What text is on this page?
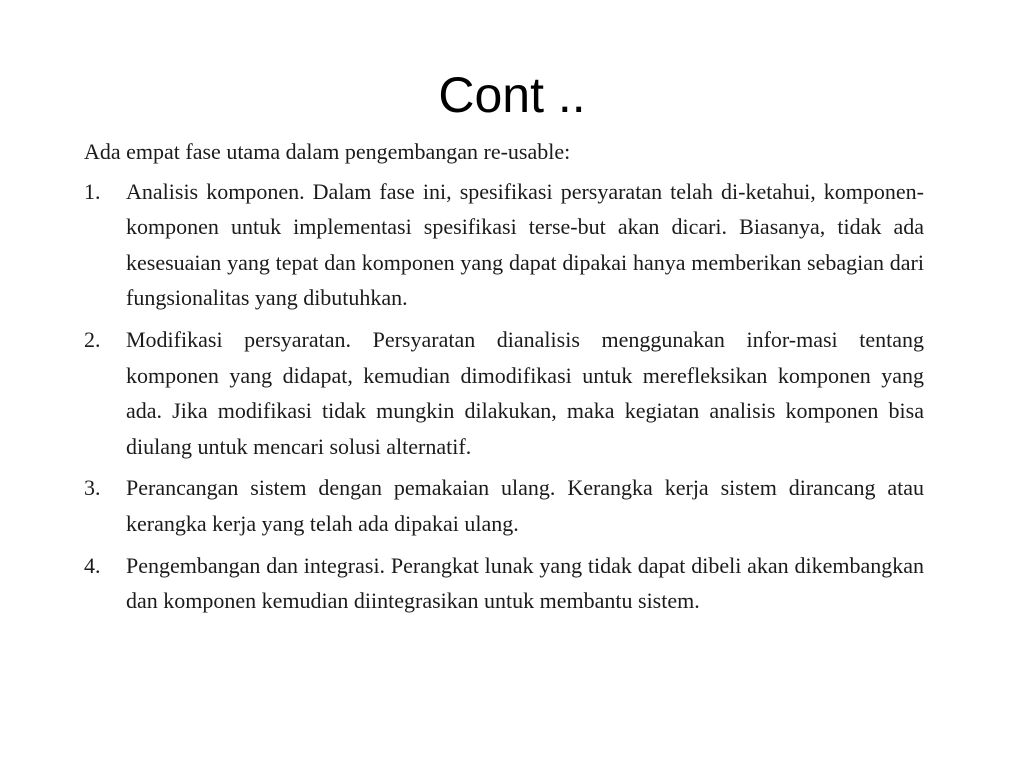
Cont ..

Ada empat fase utama dalam pengembangan re-usable:

1. Analisis komponen. Dalam fase ini, spesifikasi persyaratan telah di-ketahui, komponen-komponen untuk implementasi spesifikasi terse-but akan dicari. Biasanya, tidak ada kesesuaian yang tepat dan komponen yang dapat dipakai hanya memberikan sebagian dari fungsionalitas yang dibutuhkan.
2. Modifikasi persyaratan. Persyaratan dianalisis menggunakan infor-masi tentang komponen yang didapat, kemudian dimodifikasi untuk merefleksikan komponen yang ada. Jika modifikasi tidak mungkin dilakukan, maka kegiatan analisis komponen bisa diulang untuk mencari solusi alternatif.
3. Perancangan sistem dengan pemakaian ulang. Kerangka kerja sistem dirancang atau kerangka kerja yang telah ada dipakai ulang.
4. Pengembangan dan integrasi. Perangkat lunak yang tidak dapat dibeli akan dikembangkan dan komponen kemudian diintegrasikan untuk membantu sistem.
